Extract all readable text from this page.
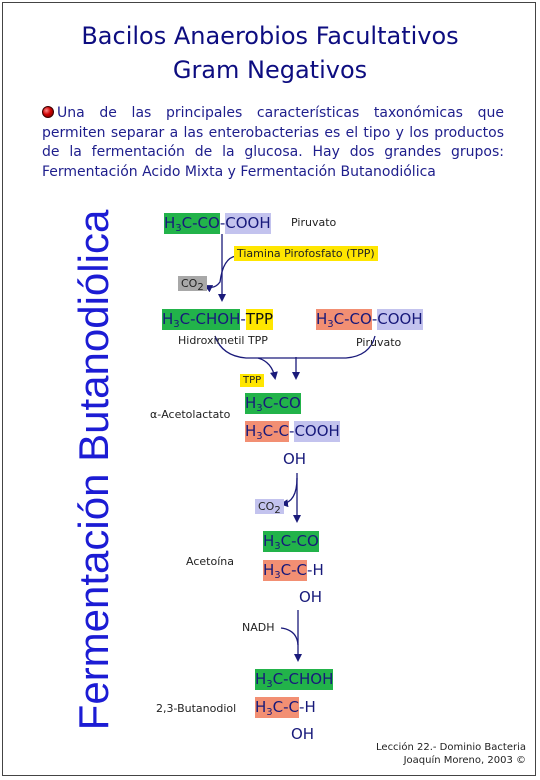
Bacilos Anaerobios Facultativos
Gram Negativos
Una de las principales características taxonómicas que permiten separar a las enterobacterias es el tipo y los productos de la fermentación de la glucosa. Hay dos grandes grupos: Fermentación Acido Mixta y Fermentación Butanodiólica
Fermentación Butanodiólica	H3C-CO-COOH Piruvato
Tiamina Pirofosfato (TPP)
CO2
H3C-CHOH-TPP
Hidroximetil TPP
H3C-CO-COOH
Piruvato
TPP
α-Acetolactato
H3C-CO
H3C-C-COOH
OH
CO2
Acetoína
H3C-CO
H3C-C-H
OH
NADH
2,3-Butanodiol
H3C-CHOH
H3C-C-H
OH
Lección 22.- Dominio Bacteria
Joaquín Moreno, 2003 ©
